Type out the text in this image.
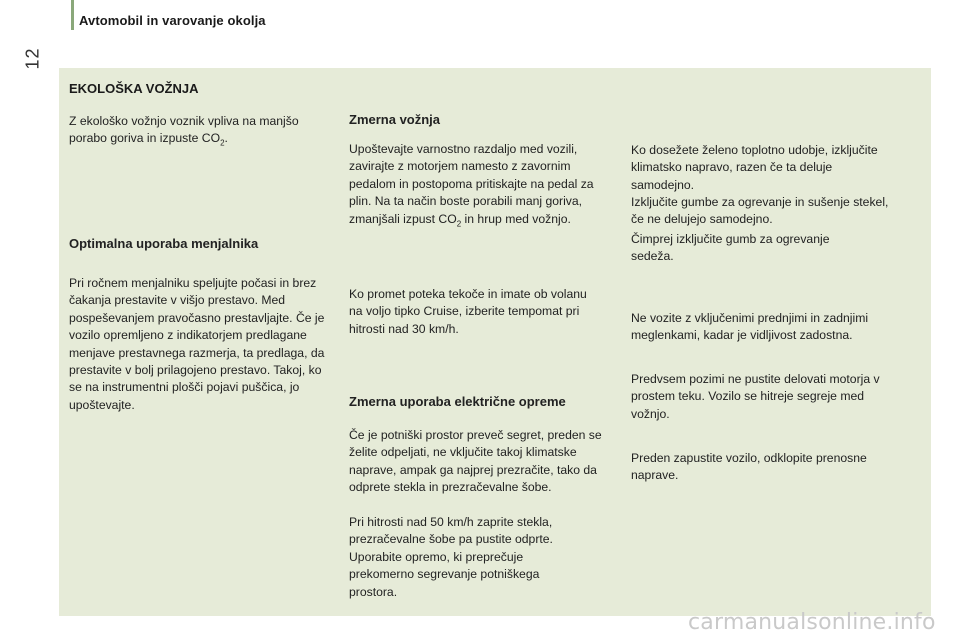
Avtomobil in varovanje okolja
12
EKOLOŠKA VOŽNJA

Z ekološko vožnjo voznik vpliva na manjšo porabo goriva in izpuste $CO_2$.

Optimalna uporaba menjalnika

Pri ročnem menjalniku speljujte počasi in brez čakanja prestavite v višjo prestavo. Med pospeševanjem pravočasno prestavljajte. Če je vozilo opremljeno z indikatorjem predlagane menjave prestavnega razmerja, ta predlaga, da prestavite v bolj prilagojeno prestavo. Takoj, ko se na instrumentni plošči pojavi puščica, jo upoštevajte.

Zmerna vožnja

Upoštevajte varnostno razdaljo med vozili, zavirajte z motorjem namesto z zavornim pedalom in postopoma pritiskajte na pedal za plin. Na ta način boste porabili manj goriva, zmanjšali izpust $CO_2$ in hrup med vožnjo.

Ko promet poteka tekoče in imate ob volanu na voljo tipko Cruise, izberite tempomat pri hitrosti nad 30 km/h.

Zmerna uporaba električne opreme

Če je potniški prostor preveč segret, preden se želite odpeljati, ne vključite takoj klimatske naprave, ampak ga najprej prezračite, tako da odprete stekla in prezračevalne šobe.

Pri hitrosti nad 50 km/h zaprite stekla, prezračevalne šobe pa pustite odprte.

Uporabite opremo, ki preprečuje prekomerno segrevanje potniškega prostora.

Ko dosežete želeno toplotno udobje, izključite klimatsko napravo, razen če ta deluje samodejno.

Izključite gumbe za ogrevanje in sušenje stekel, če ne delujejo samodejno.

Čimprej izključite gumb za ogrevanje sedeža.

Ne vozite z vključenimi prednjimi in zadnjimi meglenkami, kadar je vidljivost zadostna.

Predvsem pozimi ne pustite delovati motorja v prostem teku. Vozilo se hitreje segreje med vožnjo.

Preden zapustite vozilo, odklopite prenosne naprave.

carmanualsonline.info
